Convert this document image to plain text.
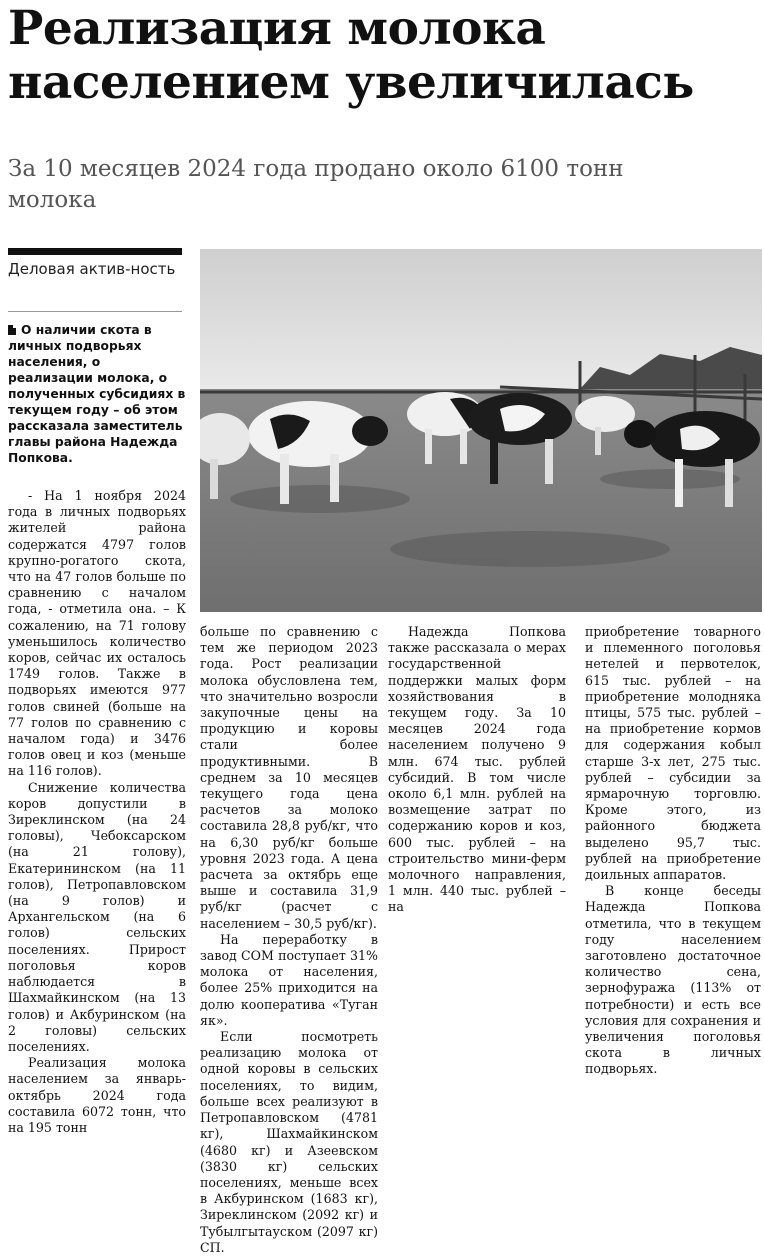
Реализация молока населением увеличилась
За 10 месяцев 2024 года продано около 6100 тонн молока
Деловая актив-ность

О наличии скота в личных подворьях населения, о реализации молока, о полученных субсидиях в текущем году – об этом рассказала заместитель главы района Надежда Попкова.

- На 1 ноября 2024 года в личных подворьях жителей района содержатся 4797 голов крупно-рогатого скота, что на 47 голов больше по сравнению с началом года, - отметила она. – К сожалению, на 71 голову уменьшилось количество коров, сейчас их осталось 1749 голов. Также в подворьях имеются 977 голов свиней (больше на 77 голов по сравнению с началом года) и 3476 голов овец и коз (меньше на 116 голов).

Снижение количества коров допустили в Зиреклинском (на 24 головы), Чебоксарском (на 21 голову), Екатерининском (на 11 голов), Петропавловском (на 9 голов) и Архангельском (на 6 голов) сельских поселениях. Прирост поголовья коров наблюдается в Шахмайкинском (на 13 голов) и Акбуринском (на 2 головы) сельских поселениях.

Реализация молока населением за январь-октябрь 2024 года составила 6072 тонн, что на 195 тонн

больше по сравнению с тем же периодом 2023 года. Рост реализации молока обусловлена тем, что значительно возросли закупочные цены на продукцию и коровы стали более продуктивными. В среднем за 10 месяцев текущего года цена расчетов за молоко составила 28,8 руб/кг, что на 6,30 руб/кг больше уровня 2023 года. А цена расчета за октябрь еще выше и составила 31,9 руб/кг (расчет с населением – 30,5 руб/кг).

На переработку в завод СОМ поступает 31% молока от населения, более 25% приходится на долю кооператива «Туган як».

Если посмотреть реализацию молока от одной коровы в сельских поселениях, то видим, больше всех реализуют в Петропавловском (4781 кг), Шахмайкинском (4680 кг) и Азеевском (3830 кг) сельских поселениях, меньше всех в Акбуринском (1683 кг), Зиреклинском (2092 кг) и Тубылгытауском (2097 кг) СП.

Надежда Попкова также рассказала о мерах государственной поддержки малых форм хозяйствования в текущем году. За 10 месяцев 2024 года населением получено 9 млн. 674 тыс. рублей субсидий. В том числе около 6,1 млн. рублей на возмещение затрат по содержанию коров и коз, 600 тыс. рублей – на строительство мини-ферм молочного направления, 1 млн. 440 тыс. рублей – на

приобретение товарного и племенного поголовья нетелей и первотелок, 615 тыс. рублей – на приобретение молодняка птицы, 575 тыс. рублей – на приобретение кормов для содержания кобыл старше 3-х лет, 275 тыс. рублей – субсидии за ярмарочную торговлю. Кроме этого, из районного бюджета выделено 95,7 тыс. рублей на приобретение доильных аппаратов.

В конце беседы Надежда Попкова отметила, что в текущем году населением заготовлено достаточное количество сена, зернофуража (113% от потребности) и есть все условия для сохранения и увеличения поголовья скота в личных подворьях.
